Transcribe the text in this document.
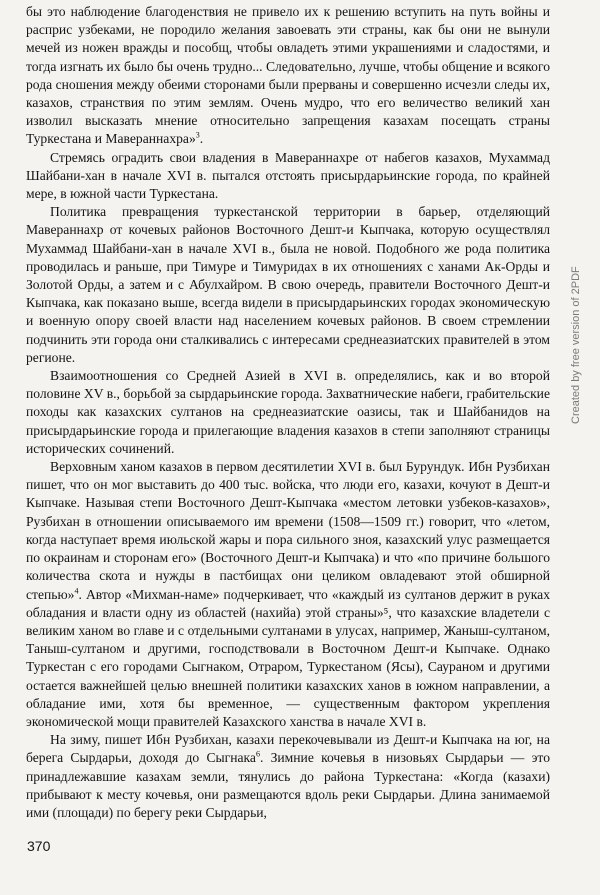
бы это наблюдение благоденствия не привело их к решению вступить на путь войны и расприс узбеками, не породило желания завоевать эти страны, как бы они не вынули мечей из ножен вражды и пособщ, чтобы овладеть этими украшениями и сладостями, и тогда изгнать их было бы очень трудно... Следовательно, лучше, чтобы общение и всякого рода сношения между обеими сторонами были прерваны и совершенно исчезли следы их, казахов, странствия по этим землям. Очень мудро, что его величество великий хан изволил высказать мнение относительно запрещения казахам посещать страны Туркестана и Мавераннахра»$^3$.

Стремясь оградить свои владения в Мавераннахре от набегов казахов, Мухаммад Шайбани-хан в начале XVI в. пытался отстоять присырдарьинские города, по крайней мере, в южной части Туркестана.

Политика превращения туркестанской территории в барьер, отделяющий Мавераннахр от кочевых районов Восточного Дешт-и Кыпчака, которую осуществлял Мухаммад Шайбани-хан в начале XVI в., была не новой. Подобного же рода политика проводилась и раньше, при Тимуре и Тимуридах в их отношениях с ханами Ак-Орды и Золотой Орды, а затем и с Абулхайром. В свою очередь, правители Восточного Дешт-и Кыпчака, как показано выше, всегда видели в присырдарьинских городах экономическую и военную опору своей власти над населением кочевых районов. В своем стремлении подчинить эти города они сталкивались с интересами среднеазиатских правителей в этом регионе.

Взаимоотношения со Средней Азией в XVI в. определялись, как и во второй половине XV в., борьбой за сырдарьинские города. Захватнические набеги, грабительские походы как казахских султанов на среднеазиатские оазисы, так и Шайбанидов на присырдарьинские города и прилегающие владения казахов в степи заполняют страницы исторических сочинений.

Верховным ханом казахов в первом десятилетии XVI в. был Бурундук. Ибн Рузбихан пишет, что он мог выставить до 400 тыс. войска, что люди его, казахи, кочуют в Дешт-и Кыпчаке. Называя степи Восточного Дешт-Кыпчака «местом летовки узбеков-казахов», Рузбихан в отношении описываемого им времени (1508—1509 гг.) говорит, что «летом, когда наступает время июльской жары и пора сильного зноя, казахский улус размещается по окраинам и сторонам его» (Восточного Дешт-и Кыпчака) и что «по причине большого количества скота и нужды в пастбищах они целиком овладевают этой обширной степью»$^4$. Автор «Михман-наме» подчеркивает, что «каждый из султанов держит в руках обладания и власти одну из областей (нахийа) этой страны»⁵, что казахские владетели с великим ханом во главе и с отдельными султанами в улусах, например, Жаныш-султаном, Таныш-султаном и другими, господствовали в Восточном Дешт-и Кыпчаке. Однако Туркестан с его городами Сыгнаком, Отраром, Туркестаном (Ясы), Саураном и другими остается важнейшей целью внешней политики казахских ханов в южном направлении, а обладание ими, хотя бы временное, — существенным фактором укрепления экономической мощи правителей Казахского ханства в начале XVI в.

На зиму, пишет Ибн Рузбихан, казахи перекочевывали из Дешт-и Кыпчака на юг, на берега Сырдарьи, доходя до Сыгнака$^6$. Зимние кочевья в низовьях Сырдарьи — это принадлежавшие казахам земли, тянулись до района Туркестана: «Когда (казахи) прибывают к месту кочевья, они размещаются вдоль реки Сырдарьи. Длина занимаемой ими (площади) по берегу реки Сырдарьи,

370
Created by free version of 2PDF
